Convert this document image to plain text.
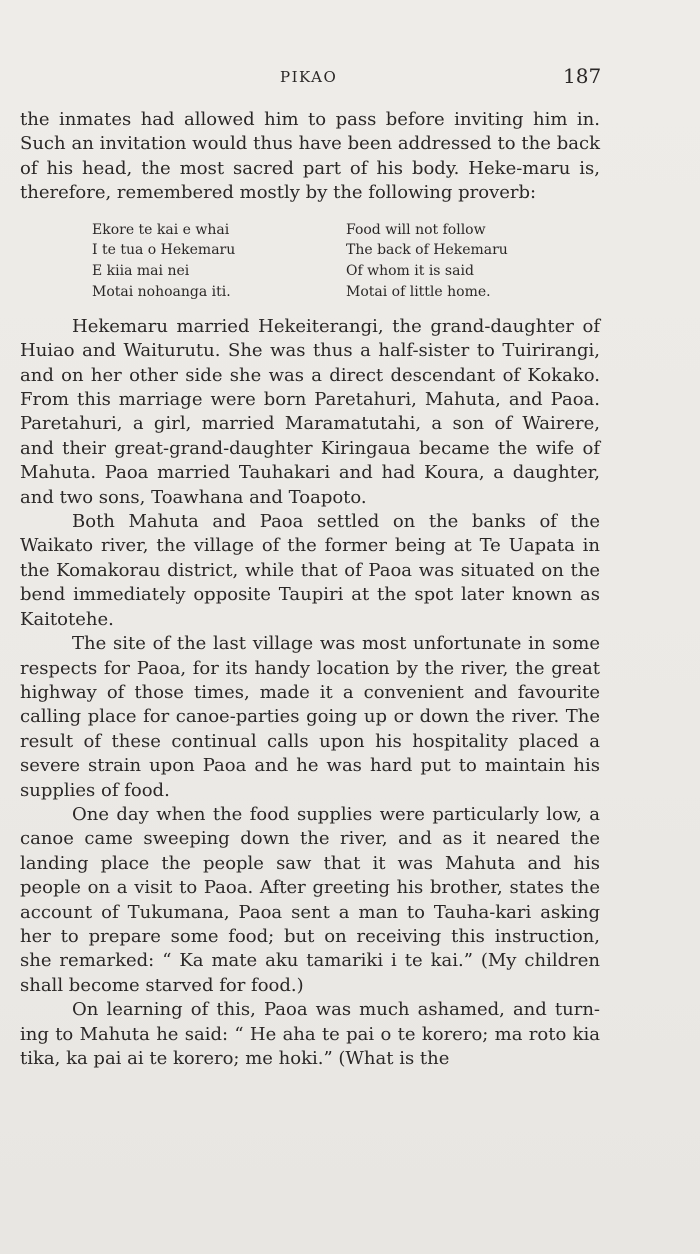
PIKAO	187

the inmates had allowed him to pass before inviting him in. Such an invitation would thus have been addressed to the back of his head, the most sacred part of his body. Heke-maru is, therefore, remembered mostly by the following proverb:

Ekore te kai e whai
I te tua o Hekemaru
E kiia mai nei
Motai nohoanga iti.
Food will not follow
The back of Hekemaru
Of whom it is said
Motai of little home.

Hekemaru married Hekeiterangi, the grand-daughter of Huiao and Waiturutu. She was thus a half-sister to Tuirirangi, and on her other side she was a direct descendant of Kokako. From this marriage were born Paretahuri, Mahuta, and Paoa. Paretahuri, a girl, married Maramatutahi, a son of Wairere, and their great-grand-daughter Kiringaua became the wife of Mahuta. Paoa married Tauhakari and had Koura, a daughter, and two sons, Toawhana and Toapoto.

Both Mahuta and Paoa settled on the banks of the Waikato river, the village of the former being at Te Uapata in the Komakorau district, while that of Paoa was situated on the bend immediately opposite Taupiri at the spot later known as Kaitotehe.

The site of the last village was most unfortunate in some respects for Paoa, for its handy location by the river, the great highway of those times, made it a convenient and favourite calling place for canoe-parties going up or down the river. The result of these continual calls upon his hospitality placed a severe strain upon Paoa and he was hard put to maintain his supplies of food.

One day when the food supplies were particularly low, a canoe came sweeping down the river, and as it neared the landing place the people saw that it was Mahuta and his people on a visit to Paoa. After greeting his brother, states the account of Tukumana, Paoa sent a man to Tauha-kari asking her to prepare some food; but on receiving this instruction, she remarked: “ Ka mate aku tamariki i te kai.” (My children shall become starved for food.)

On learning of this, Paoa was much ashamed, and turn-ing to Mahuta he said: “ He aha te pai o te korero; ma roto kia tika, ka pai ai te korero; me hoki.” (What is the
